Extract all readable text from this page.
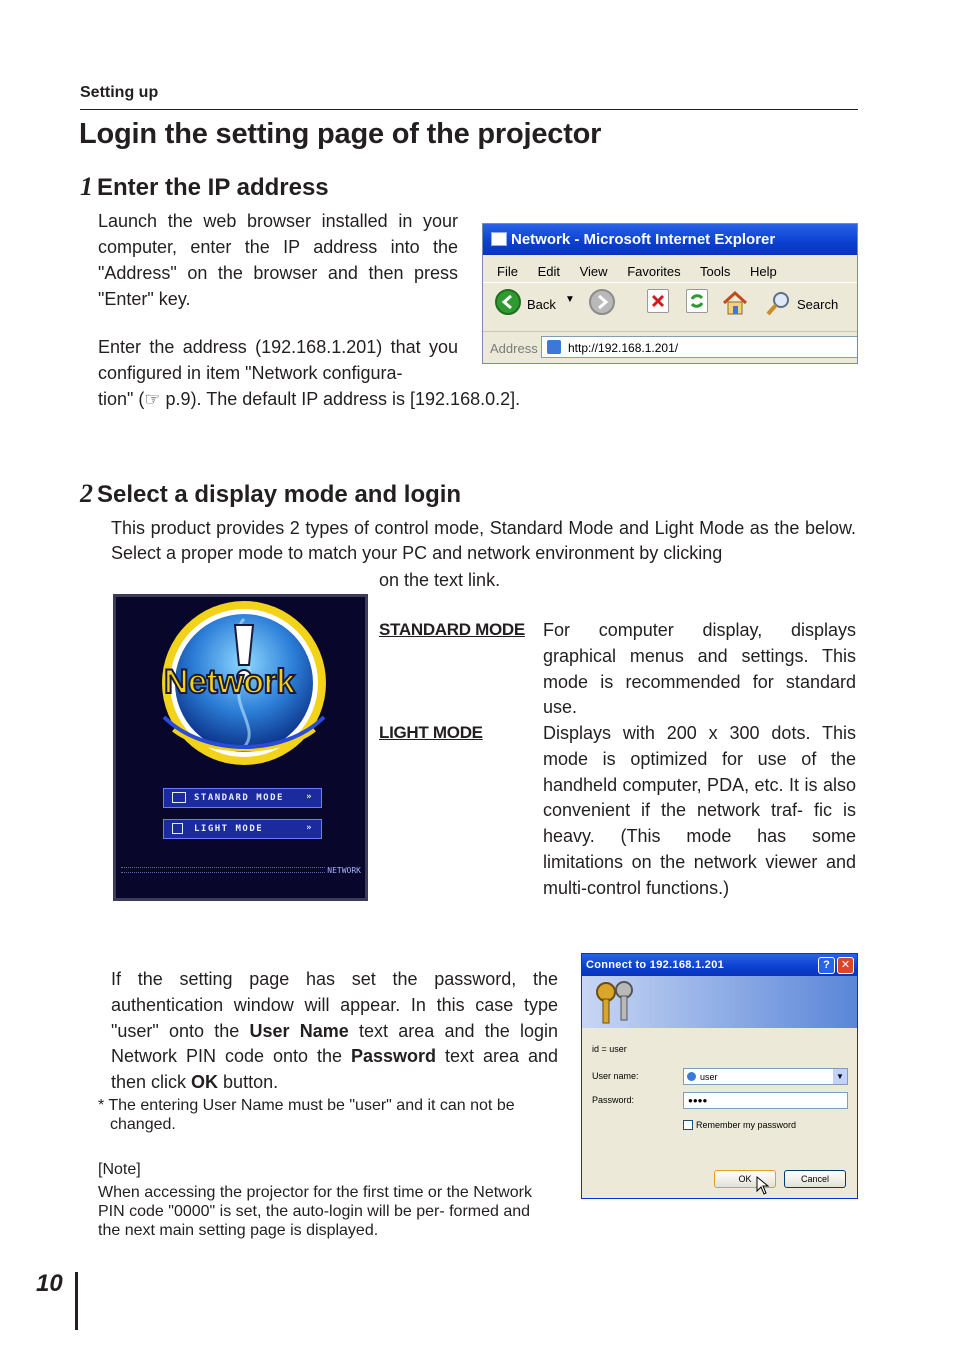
Setting up
Login the setting page of the projector
1 Enter the IP address

Launch the web browser installed in your computer, enter the IP address into the "Address" on the browser and then press "Enter" key.

Enter the address (192.168.1.201) that you configured in item "Network configura-

tion" (☞ p.9). The default IP address is [192.168.0.2].

Network - Microsoft Internet Explorer
File Edit View Favorites Tools Help
Back ▼	Search
Address	http://192.168.1.201/
2 Select a display mode and login

This product provides 2 types of control mode, Standard Mode and Light Mode as the below. Select a proper mode to match your PC and network environment by clicking

on the text link.

Network
STANDARD MODE »
LIGHT MODE	»
NETWORK
STANDARD MODE For computer display, displays graphical menus and settings. This mode is recommended for standard use.

LIGHT MODE	Displays with 200 x 300 dots. This mode is optimized for use of the handheld computer, PDA, etc. It is also convenient if the network traf- fic is heavy. (This mode has some limitations on the network viewer and multi-control functions.)

If the setting page has set the password, the authentication window will appear. In this case type "user" onto the User Name text area and the login Network PIN code onto the Password text area and then click OK button.

* The entering User Name must be "user" and it can not be changed.

[Note]

When accessing the projector for the first time or the Network PIN code "0000" is set, the auto-login will be per- formed and the next main setting page is displayed.

Connect to 192.168.1.201	?	✕
id = user
User name:	user	▼
Password:	●●●●
Remember my password
OK	Cancel
10
